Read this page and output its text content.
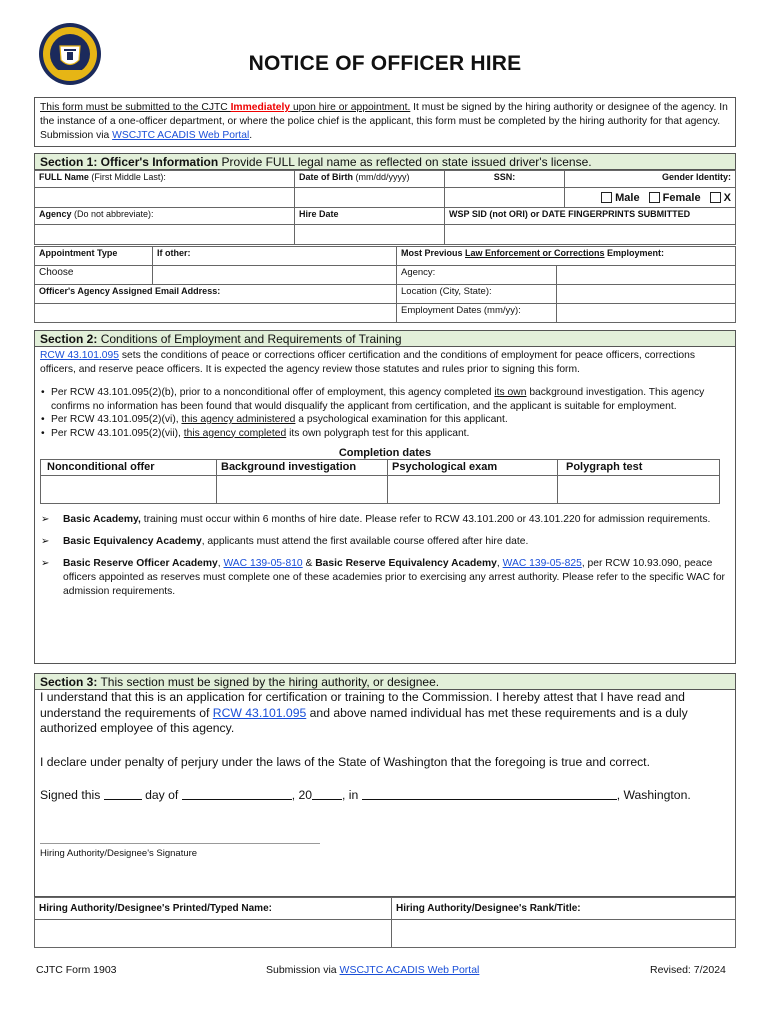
NOTICE OF OFFICER HIRE
This form must be submitted to the CJTC Immediately upon hire or appointment. It must be signed by the hiring authority or designee of the agency. In the instance of a one-officer department, or where the police chief is the applicant, this form must be completed by the hiring authority for that agency. Submission via WSCJTC ACADIS Web Portal.
Section 1: Officer's Information Provide FULL legal name as reflected on state issued driver's license.
FULL Name (First Middle Last):	Date of Birth (mm/dd/yyyy)	SSN:	Gender Identity:
			Male Female X
Agency (Do not abbreviate):	Hire Date	WSP SID (not ORI) or DATE FINGERPRINTS SUBMITTED	

Appointment Type	If other:	Most Previous Law Enforcement or Corrections Employment:	
Choose		Agency:	
Officer's Agency Assigned Email Address:		Location (City, State):	
		Employment Dates (mm/yy):	
Section 2: Conditions of Employment and Requirements of Training

RCW 43.101.095 sets the conditions of peace or corrections officer certification and the conditions of employment for peace officers, corrections officers, and reserve peace officers. It is expected the agency review those statutes and rules prior to signing this form.

• Per RCW 43.101.095(2)(b), prior to a nonconditional offer of employment, this agency completed its own background investigation. This agency confirms no information has been found that would disqualify the applicant from certification, and the applicant is suitable for employment.
• Per RCW 43.101.095(2)(vi), this agency administered a psychological examination for this applicant.
• Per RCW 43.101.095(2)(vii), this agency completed its own polygraph test for this applicant.
Completion dates
Nonconditional offer	Background investigation	Psychological exam	Polygraph test

➢ Basic Academy, training must occur within 6 months of hire date. Please refer to RCW 43.101.200 or 43.101.220 for admission requirements.
➢ Basic Equivalency Academy, applicants must attend the first available course offered after hire date.
➢ Basic Reserve Officer Academy, WAC 139-05-810 & Basic Reserve Equivalency Academy, WAC 139-05-825, per RCW 10.93.090, peace officers appointed as reserves must complete one of these academies prior to exercising any arrest authority. Please refer to the specific WAC for admission requirements.
Section 3: This section must be signed by the hiring authority, or designee.

I understand that this is an application for certification or training to the Commission. I hereby attest that I have read and understand the requirements of RCW 43.101.095 and above named individual has met these requirements and is a duly authorized employee of this agency.

I declare under penalty of perjury under the laws of the State of Washington that the foregoing is true and correct.

Signed this	day of	, 20 , in	, Washington.

Hiring Authority/Designee's Signature
Hiring Authority/Designee's Printed/Typed Name:	Hiring Authority/Designee's Rank/Title:

CJTC Form 1903	Submission via WSCJTC ACADIS Web Portal	Revised: 7/2024
